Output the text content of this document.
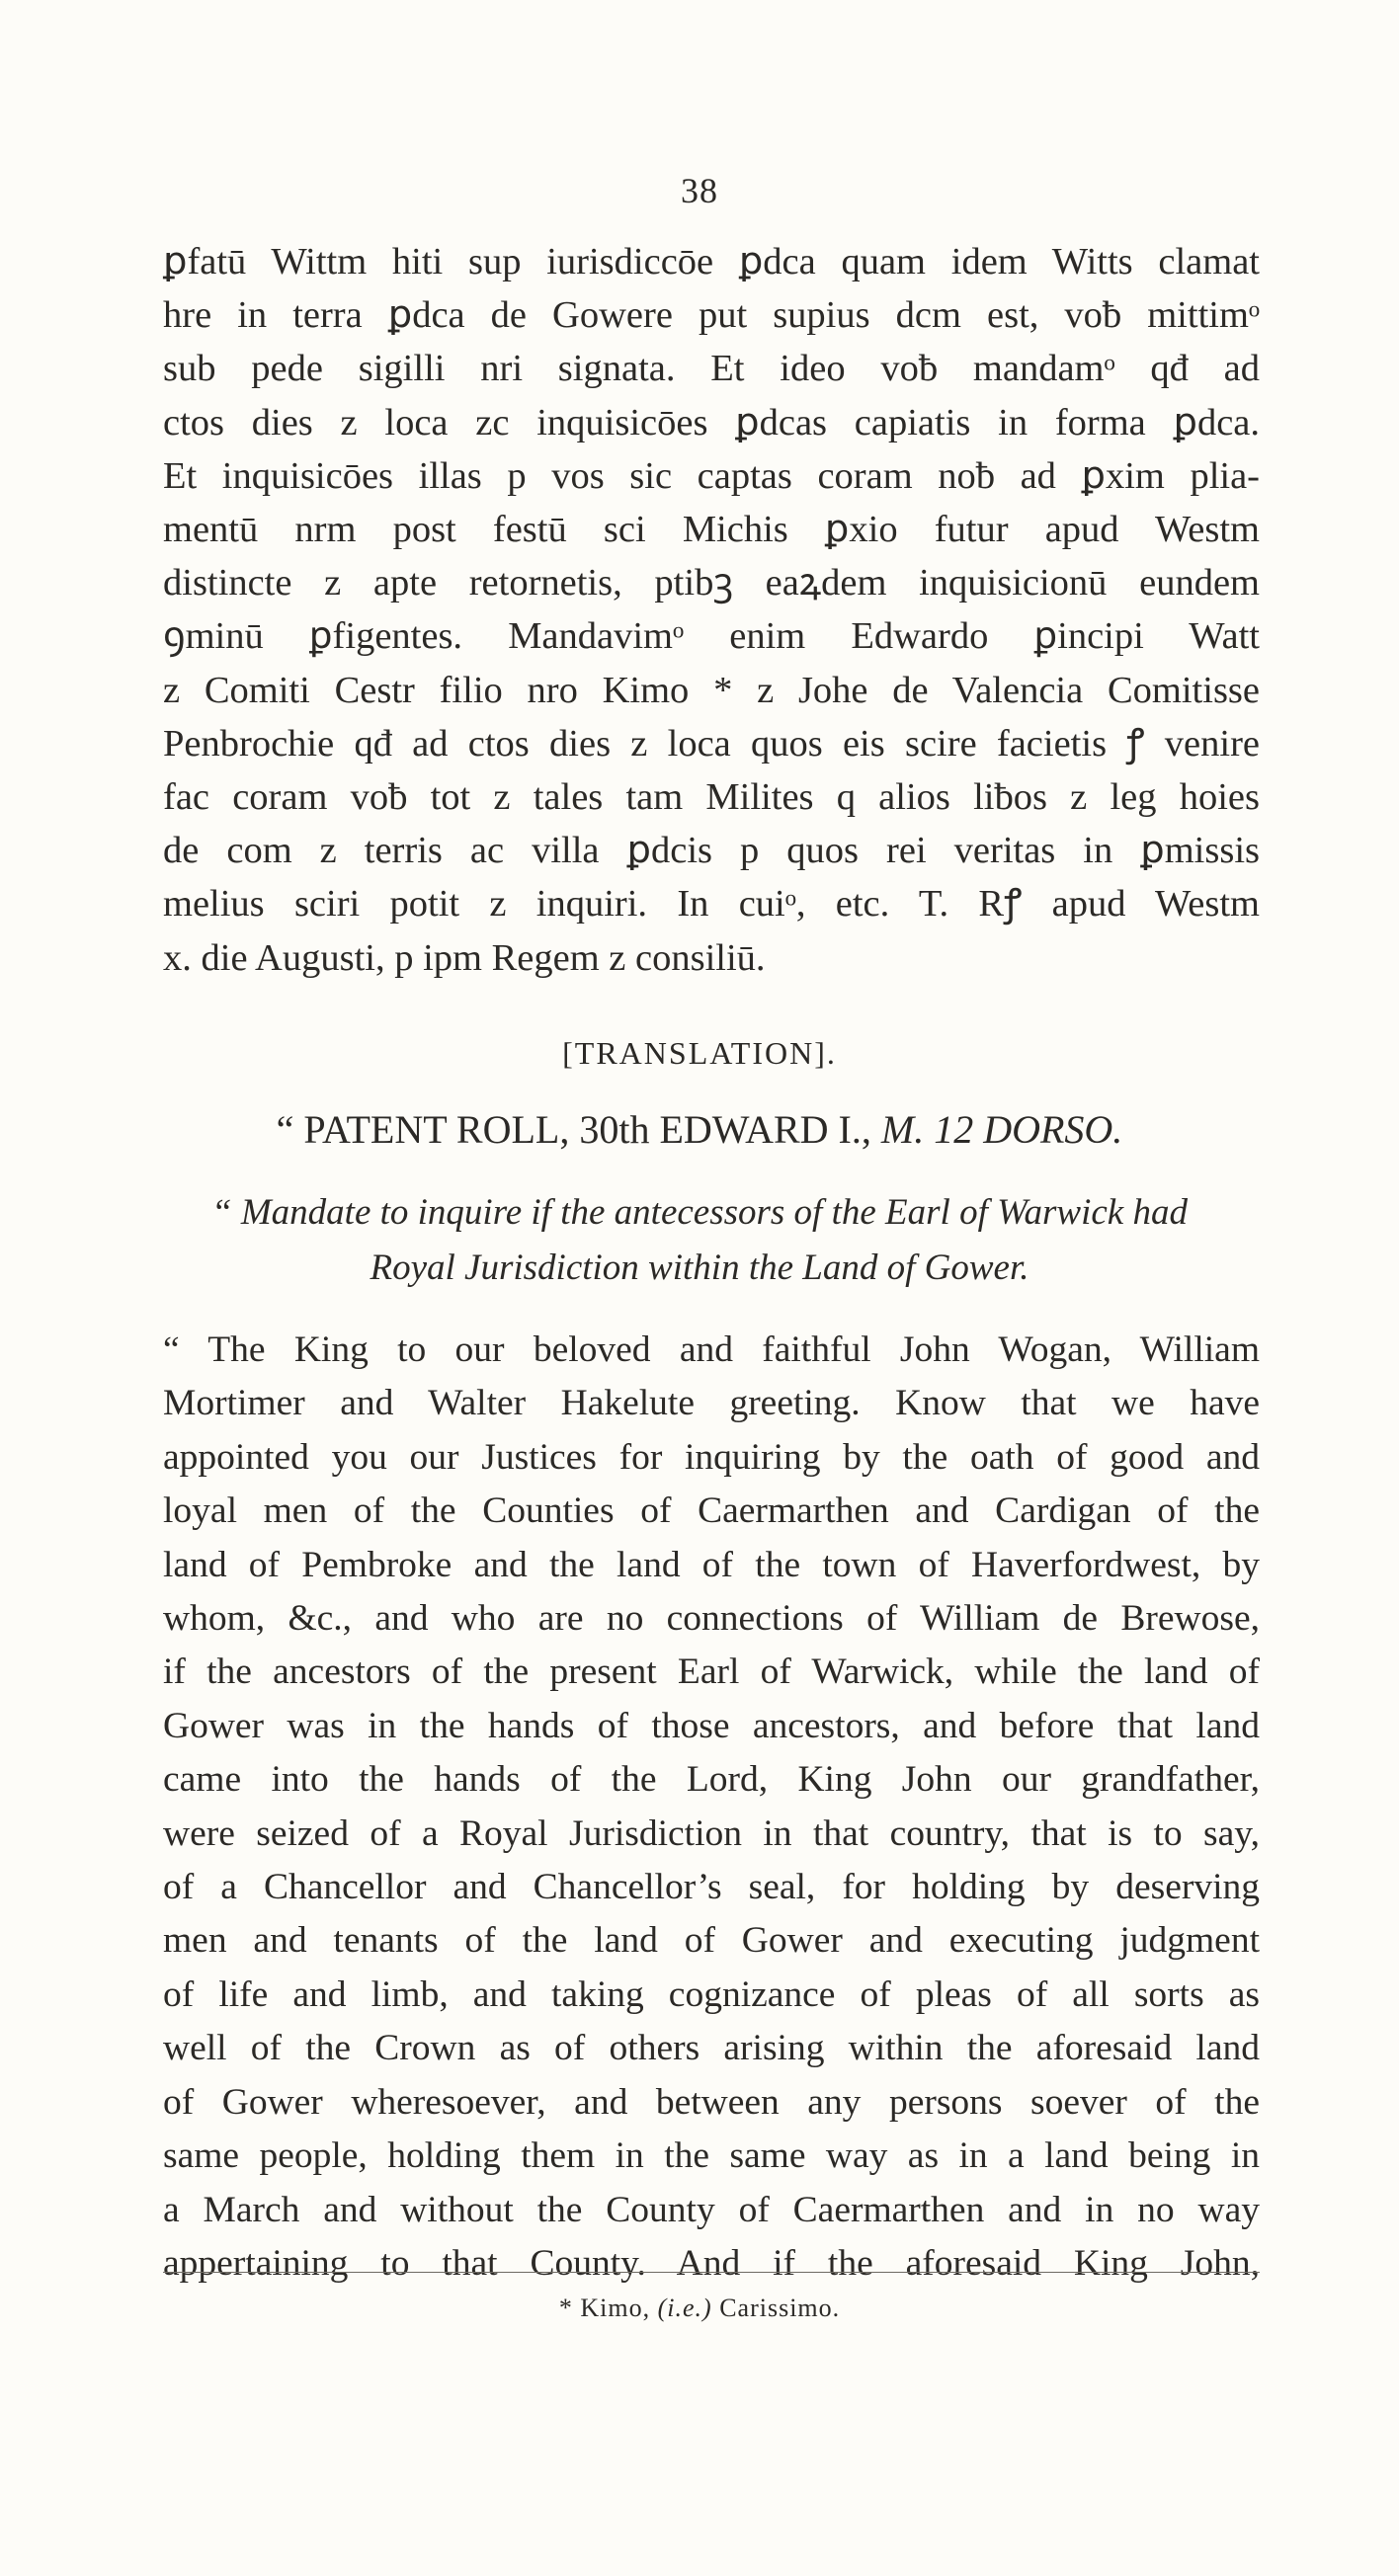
38
ꝑfatū Wittm hiti sup iurisdiccōe ꝑdca quam idem Witts clamat
hre in terra ꝑdca de Gowere put supius dcm est, voƀ mittimᵒ
sub pede sigilli nri signata. Et ideo voƀ mandamᵒ qđ ad
ctos dies z loca zc inquisicōes ꝑdcas capiatis in forma ꝑdca.
Et inquisicōes illas p vos sic captas coram noƀ ad ꝑxim plia-
mentū nrm post festū sci Michis ꝑxio futur apud Westm
distincte z apte retornetis, ptibꝫ eaꝝdem inquisicionū eundem
ꝯminū ꝑfigentes. Mandavimᵒ enim Edwardo ꝑincipi Watt
z Comiti Cestr filio nro Kimo * z Johe de Valencia Comitisse
Penbrochie qđ ad ctos dies z loca quos eis scire facietis ꝭ venire
fac coram voƀ tot z tales tam Milites q alios liƀos z leg hoies
de com z terris ac villa ꝑdcis p quos rei veritas in ꝑmissis
melius sciri potit z inquiri. In cuiᵒ, etc. T. Rꝭ apud Westm
x. die Augusti, p ipm Regem z consiliū.
[TRANSLATION].
“ PATENT ROLL, 30th EDWARD I., M. 12 DORSO.
“ Mandate to inquire if the antecessors of the Earl of Warwick had
Royal Jurisdiction within the Land of Gower.
“ The King to our beloved and faithful John Wogan, William
Mortimer and Walter Hakelute greeting. Know that we have
appointed you our Justices for inquiring by the oath of good and
loyal men of the Counties of Caermarthen and Cardigan of the
land of Pembroke and the land of the town of Haverfordwest, by
whom, &c., and who are no connections of William de Brewose,
if the ancestors of the present Earl of Warwick, while the land of
Gower was in the hands of those ancestors, and before that land
came into the hands of the Lord, King John our grandfather,
were seized of a Royal Jurisdiction in that country, that is to say,
of a Chancellor and Chancellor’s seal, for holding by deserving
men and tenants of the land of Gower and executing judgment
of life and limb, and taking cognizance of pleas of all sorts as
well of the Crown as of others arising within the aforesaid land
of Gower wheresoever, and between any persons soever of the
same people, holding them in the same way as in a land being in
a March and without the County of Caermarthen and in no way
appertaining to that County. And if the aforesaid King John,
* Kimo, (i.e.) Carissimo.
